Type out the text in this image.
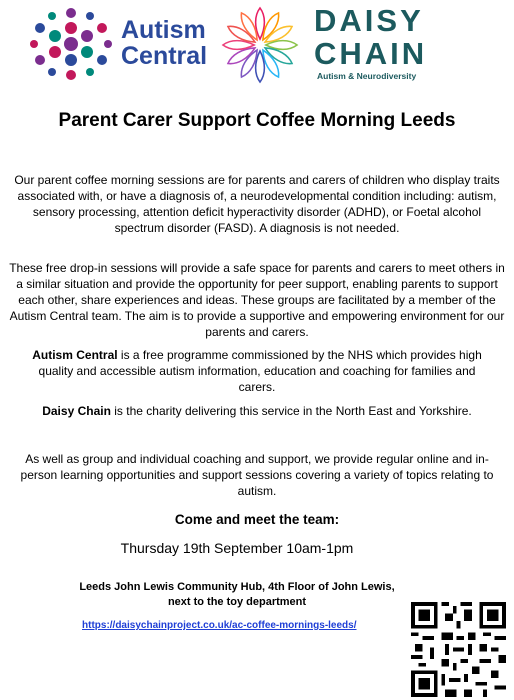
Autism
Central
DAISY
CHAIN
Autism & Neurodiversity
Parent Carer Support Coffee Morning Leeds

Our parent coffee morning sessions are for parents and carers of children who display traits associated with, or have a diagnosis of, a neurodevelopmental condition including: autism, sensory processing, attention deficit hyperactivity disorder (ADHD), or Foetal alcohol spectrum disorder (FASD). A diagnosis is not needed.

These free drop-in sessions will provide a safe space for parents and carers to meet others in a similar situation and provide the opportunity for peer support, enabling parents to support each other, share experiences and ideas. These groups are facilitated by a member of the Autism Central team. The aim is to provide a supportive and empowering environment for our parents and carers.

Autism Central is a free programme commissioned by the NHS which provides high quality and accessible autism information, education and coaching for families and carers.

Daisy Chain is the charity delivering this service in the North East and Yorkshire.

As well as group and individual coaching and support, we provide regular online and in-person learning opportunities and support sessions covering a variety of topics relating to autism.

Come and meet the team:
Thursday 19th September 10am-1pm
Leeds John Lewis Community Hub, 4th Floor of John Lewis,
next to the toy department
https://daisychainproject.co.uk/ac-coffee-mornings-leeds/
